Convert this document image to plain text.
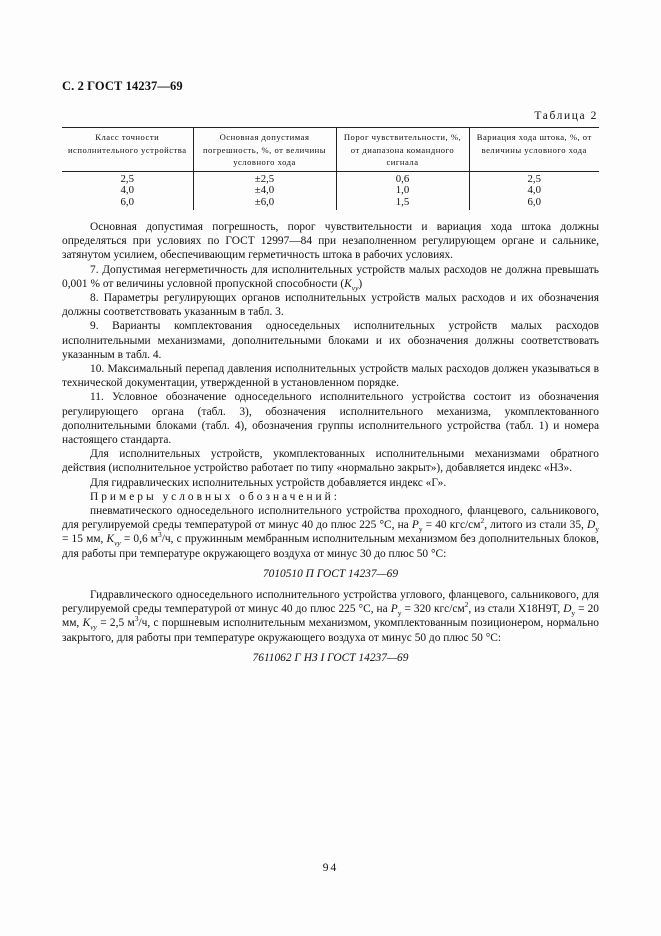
С. 2 ГОСТ 14237—69
Таблица 2
Класс точности исполнительного устройства	Основная допустимая погрешность, %, от величины условного хода	Порог чувствительности, %, от диапазона командного сигнала	Вариация хода штока, %, от величины условного хода
2,5	±2,5	0,6	2,5
4,0	±4,0	1,0	4,0
6,0	±6,0	1,5	6,0

Основная допустимая погрешность, порог чувствительности и вариация хода штока должны определяться при условиях по ГОСТ 12997—84 при незаполненном регулирующем органе и сальнике, затянутом усилием, обеспечивающим герметичность штока в рабочих условиях.

7. Допустимая негерметичность для исполнительных устройств малых расходов не должна превышать 0,001 % от величины условной пропускной способности $(K_{vy})$

8. Параметры регулирующих органов исполнительных устройств малых расходов и их обозначения должны соответствовать указанным в табл. 3.

9. Варианты комплектования односедельных исполнительных устройств малых расходов исполнительными механизмами, дополнительными блоками и их обозначения должны соответствовать указанным в табл. 4.

10. Максимальный перепад давления исполнительных устройств малых расходов должен указываться в технической документации, утвержденной в установленном порядке.

11. Условное обозначение односедельного исполнительного устройства состоит из обозначения регулирующего органа (табл. 3), обозначения исполнительного механизма, укомплектованного дополнительными блоками (табл. 4), обозначения группы исполнительного устройства (табл. 1) и номера настоящего стандарта.

Для исполнительных устройств, укомплектованных исполнительными механизмами обратного действия (исполнительное устройство работает по типу «нормально закрыт»), добавляется индекс «НЗ».

Для гидравлических исполнительных устройств добавляется индекс «Г».

Примеры условных обозначений:

пневматического односедельного исполнительного устройства проходного, фланцевого, сальникового, для регулируемой среды температурой от минус 40 до плюс 225 °С, на $P_y = 40$ кгс/$см^2$, литого из стали 35, $D_y = 15$ мм, $K_{vy} = 0,6$ $м^3/ч$, с пружинным мембранным исполнительным механизмом без дополнительных блоков, для работы при температуре окружающего воздуха от минус 30 до плюс 50 °С:

7010510 П ГОСТ 14237—69

Гидравлического односедельного исполнительного устройства углового, фланцевого, сальникового, для регулируемой среды температурой от минус 40 до плюс 225 °С, на $P_y = 320$ кгс/$см^2$, из стали Х18Н9Т, $D_y = 20$ мм, $K_{vy} = 2,5$ $м^3/ч$, с поршневым исполнительным механизмом, укомплектованным позиционером, нормально закрытого, для работы при температуре окружающего воздуха от минус 50 до плюс 50 °С:

7611062 Г НЗ I ГОСТ 14237—69

94
